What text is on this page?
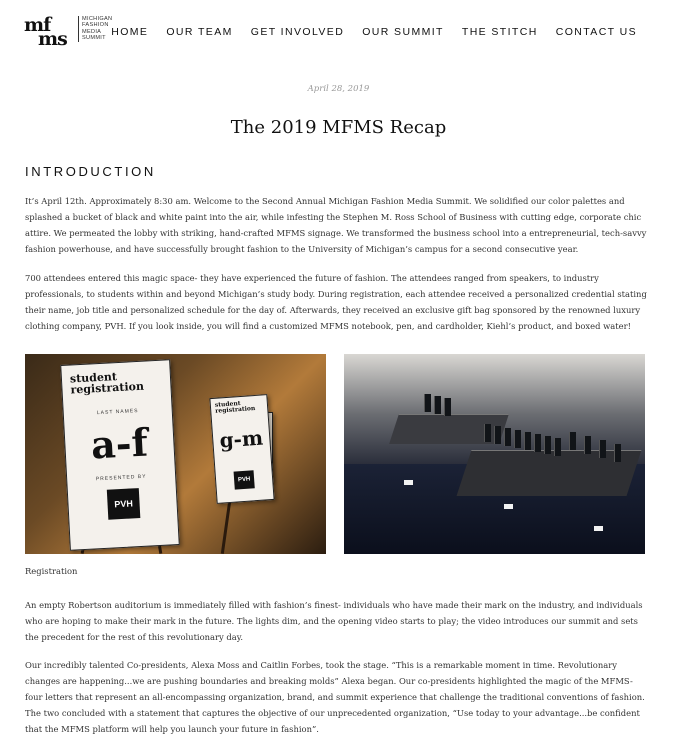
mf
ms
MICHIGAN
FASHION
MEDIA
SUMMIT
HOME OUR TEAM GET INVOLVED OUR SUMMIT THE STITCH CONTACT US
April 28, 2019
The 2019 MFMS Recap
INTRODUCTION

It’s April 12th. Approximately 8:30 am. Welcome to the Second Annual Michigan Fashion Media Summit. We solidified our color palettes and splashed a bucket of black and white paint into the air, while infesting the Stephen M. Ross School of Business with cutting edge, corporate chic attire. We permeated the lobby with striking, hand-crafted MFMS signage. We transformed the business school into a entrepreneurial, tech-savvy fashion powerhouse, and have successfully brought fashion to the University of Michigan’s campus for a second consecutive year.

700 attendees entered this magic space- they have experienced the future of fashion. The attendees ranged from speakers, to industry professionals, to students within and beyond Michigan’s study body. During registration, each attendee received a personalized credential stating their name, job title and personalized schedule for the day of. Afterwards, they received an exclusive gift bag sponsored by the renowned luxury clothing company, PVH. If you look inside, you will find a customized MFMS notebook, pen, and cardholder, Kiehl’s product, and boxed water!

student registration
g-m
PVH
student registration
LAST NAMES
a-f
PRESENTED BY
PVH
Registration

An empty Robertson auditorium is immediately filled with fashion’s finest- individuals who have made their mark on the industry, and individuals who are hoping to make their mark in the future. The lights dim, and the opening video starts to play; the video introduces our summit and sets the precedent for the rest of this revolutionary day.

Our incredibly talented Co-presidents, Alexa Moss and Caitlin Forbes, took the stage. “This is a remarkable moment in time. Revolutionary changes are happening...we are pushing boundaries and breaking molds” Alexa began. Our co-presidents highlighted the magic of the MFMS- four letters that represent an all-encompassing organization, brand, and summit experience that challenge the traditional conventions of fashion. The two concluded with a statement that captures the objective of our unprecedented organization, “Use today to your advantage...be confident that the MFMS platform will help you launch your future in fashion”.
